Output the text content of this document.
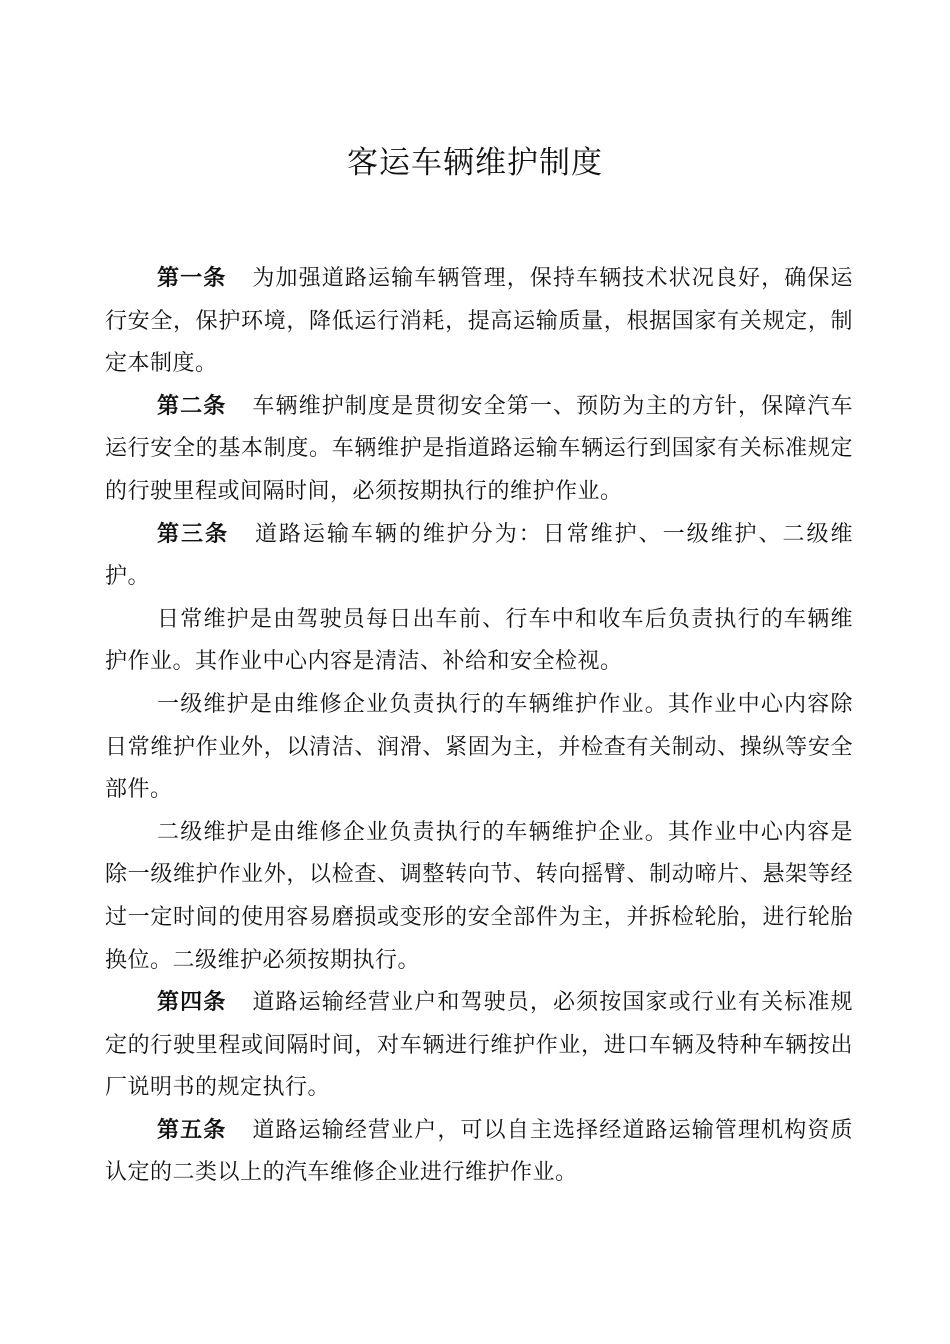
客运车辆维护制度

第一条 为加强道路运输车辆管理，保持车辆技术状况良好，确保运行安全，保护环境，降低运行消耗，提高运输质量，根据国家有关规定，制定本制度。

第二条 车辆维护制度是贯彻安全第一、预防为主的方针，保障汽车运行安全的基本制度。车辆维护是指道路运输车辆运行到国家有关标准规定的行驶里程或间隔时间，必须按期执行的维护作业。

第三条 道路运输车辆的维护分为：日常维护、一级维护、二级维护。

日常维护是由驾驶员每日出车前、行车中和收车后负责执行的车辆维护作业。其作业中心内容是清洁、补给和安全检视。

一级维护是由维修企业负责执行的车辆维护作业。其作业中心内容除日常维护作业外，以清洁、润滑、紧固为主，并检查有关制动、操纵等安全部件。

二级维护是由维修企业负责执行的车辆维护企业。其作业中心内容是除一级维护作业外，以检查、调整转向节、转向摇臂、制动啼片、悬架等经过一定时间的使用容易磨损或变形的安全部件为主，并拆检轮胎，进行轮胎换位。二级维护必须按期执行。

第四条 道路运输经营业户和驾驶员，必须按国家或行业有关标准规定的行驶里程或间隔时间，对车辆进行维护作业，进口车辆及特种车辆按出厂说明书的规定执行。

第五条 道路运输经营业户，可以自主选择经道路运输管理机构资质认定的二类以上的汽车维修企业进行维护作业。
